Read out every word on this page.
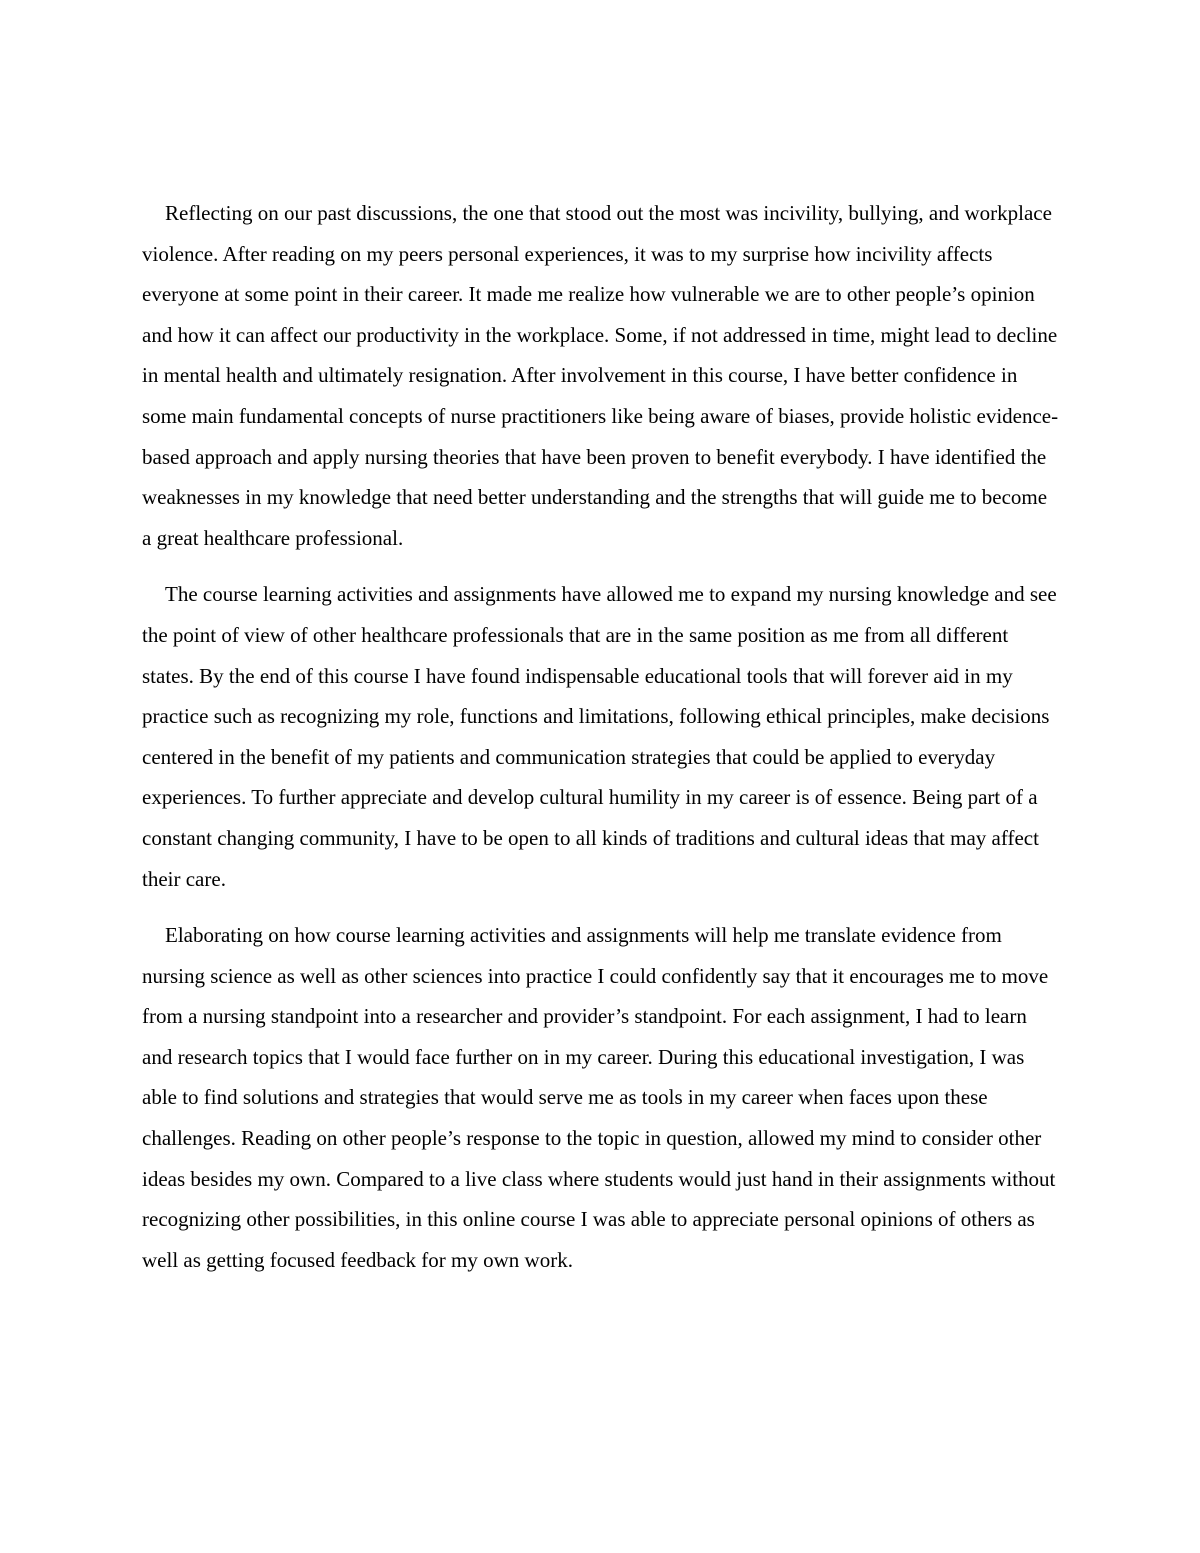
Reflecting on our past discussions, the one that stood out the most was incivility, bullying, and workplace violence. After reading on my peers personal experiences, it was to my surprise how incivility affects everyone at some point in their career. It made me realize how vulnerable we are to other people’s opinion and how it can affect our productivity in the workplace. Some, if not addressed in time, might lead to decline in mental health and ultimately resignation. After involvement in this course, I have better confidence in some main fundamental concepts of nurse practitioners like being aware of biases, provide holistic evidence-based approach and apply nursing theories that have been proven to benefit everybody. I have identified the weaknesses in my knowledge that need better understanding and the strengths that will guide me to become a great healthcare professional.

The course learning activities and assignments have allowed me to expand my nursing knowledge and see the point of view of other healthcare professionals that are in the same position as me from all different states. By the end of this course I have found indispensable educational tools that will forever aid in my practice such as recognizing my role, functions and limitations, following ethical principles, make decisions centered in the benefit of my patients and communication strategies that could be applied to everyday experiences. To further appreciate and develop cultural humility in my career is of essence. Being part of a constant changing community, I have to be open to all kinds of traditions and cultural ideas that may affect their care.

Elaborating on how course learning activities and assignments will help me translate evidence from nursing science as well as other sciences into practice I could confidently say that it encourages me to move from a nursing standpoint into a researcher and provider’s standpoint. For each assignment, I had to learn and research topics that I would face further on in my career. During this educational investigation, I was able to find solutions and strategies that would serve me as tools in my career when faces upon these challenges. Reading on other people’s response to the topic in question, allowed my mind to consider other ideas besides my own. Compared to a live class where students would just hand in their assignments without recognizing other possibilities, in this online course I was able to appreciate personal opinions of others as well as getting focused feedback for my own work.
